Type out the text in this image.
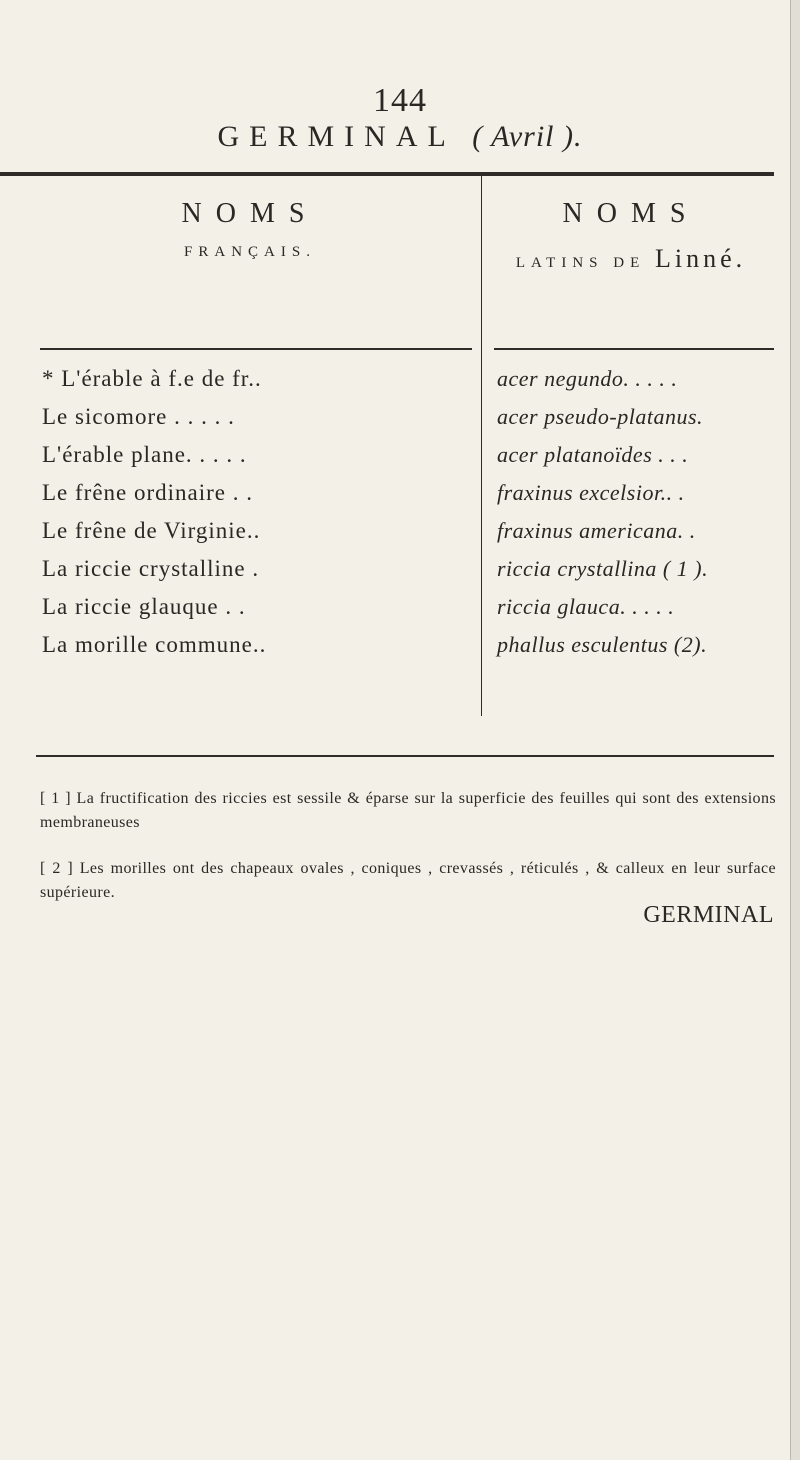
144
GERMINAL ( Avril ).
NOMS
FRANÇAIS.
NOMS
LATINS DE Linné.
* L'érable à f.e de fr..	acer negundo. . . . .
Le sicomore . . . . .	acer pseudo-platanus.
L'érable plane. . . . .	acer platanoïdes . . .
Le frêne ordinaire . .	fraxinus excelsior.. .
Le frêne de Virginie..	fraxinus americana. .
La riccie crystalline .	riccia crystallina ( 1 ).
La riccie glauque . .	riccia glauca. . . . .
La morille commune..	phallus esculentus (2).
[ 1 ] La fructification des riccies est sessile & éparse sur la superficie des feuilles qui sont des extensions membraneuses
[ 2 ] Les morilles ont des chapeaux ovales , coniques , crevassés , réticulés , & calleux en leur surface supérieure.
GERMINAL
